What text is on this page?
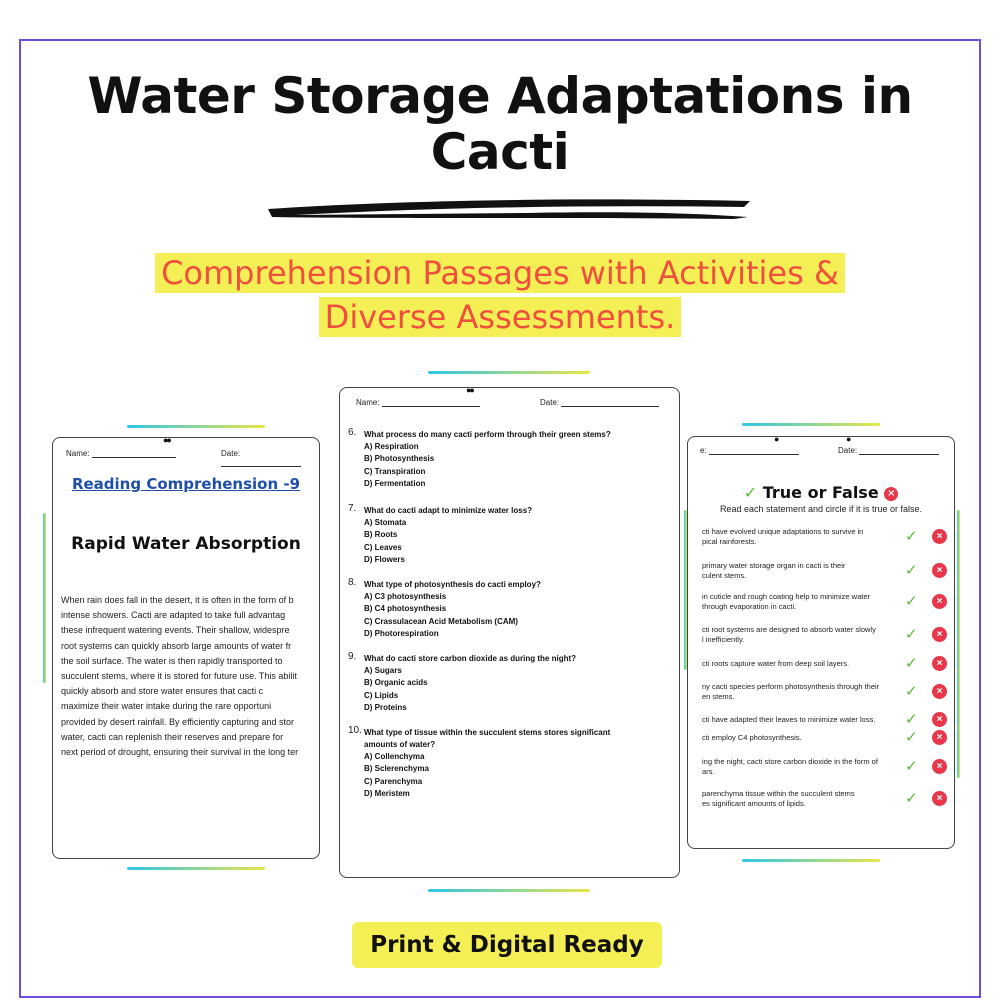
Water Storage Adaptations in Cacti
Comprehension Passages with Activities &
Diverse Assessments.
●●
Name:	Date:
Reading Comprehension -9
Rapid Water Absorption
When rain does fall in the desert, it is often in the form of b
intense showers. Cacti are adapted to take full advantag
these infrequent watering events. Their shallow, widespre
root systems can quickly absorb large amounts of water fr
the soil surface. The water is then rapidly transported to
succulent stems, where it is stored for future use. This abilit
quickly absorb and store water ensures that cacti c
maximize their water intake during the rare opportuni
provided by desert rainfall. By efficiently capturing and stor
water, cacti can replenish their reserves and prepare for
next period of drought, ensuring their survival in the long ter
●●
Name:	Date:
6. What process do many cacti perform through their green stems?
A) Respiration
B) Photosynthesis
C) Transpiration
D) Fermentation
7. What do cacti adapt to minimize water loss?
A) Stomata
B) Roots
C) Leaves
D) Flowers
8. What type of photosynthesis do cacti employ?
A) C3 photosynthesis
B) C4 photosynthesis
C) Crassulacean Acid Metabolism (CAM)
D) Photorespiration
9. What do cacti store carbon dioxide as during the night?
A) Sugars
B) Organic acids
C) Lipids
D) Proteins
10. What type of tissue within the succulent stems stores significant amounts of water?
A) Collenchyma
B) Sclerenchyma
C) Parenchyma
D) Meristem
●	●
e:	Date:
✓ True or False ×
Read each statement and circle if it is true or false.
cti have evolved unique adaptations to survive in
pical rainforests.	✓	×
primary water storage organ in cacti is their
culent stems.	✓	×
in cuticle and rough coating help to minimize water
through evaporation in cacti.	✓	×
cti root systems are designed to absorb water slowly
l inefficiently.	✓	×
cti roots capture water from deep soil layers.	✓	×
ny cacti species perform photosynthesis through their
en stems.	✓	×
cti have adapted their leaves to minimize water loss.	✓	×
cti employ C4 photosynthesis.	✓	×
ing the night, cacti store carbon dioxide in the form of
ars.	✓	×
parenchyma tissue within the succulent stems
es significant amounts of lipids.	✓	×
Print & Digital Ready
